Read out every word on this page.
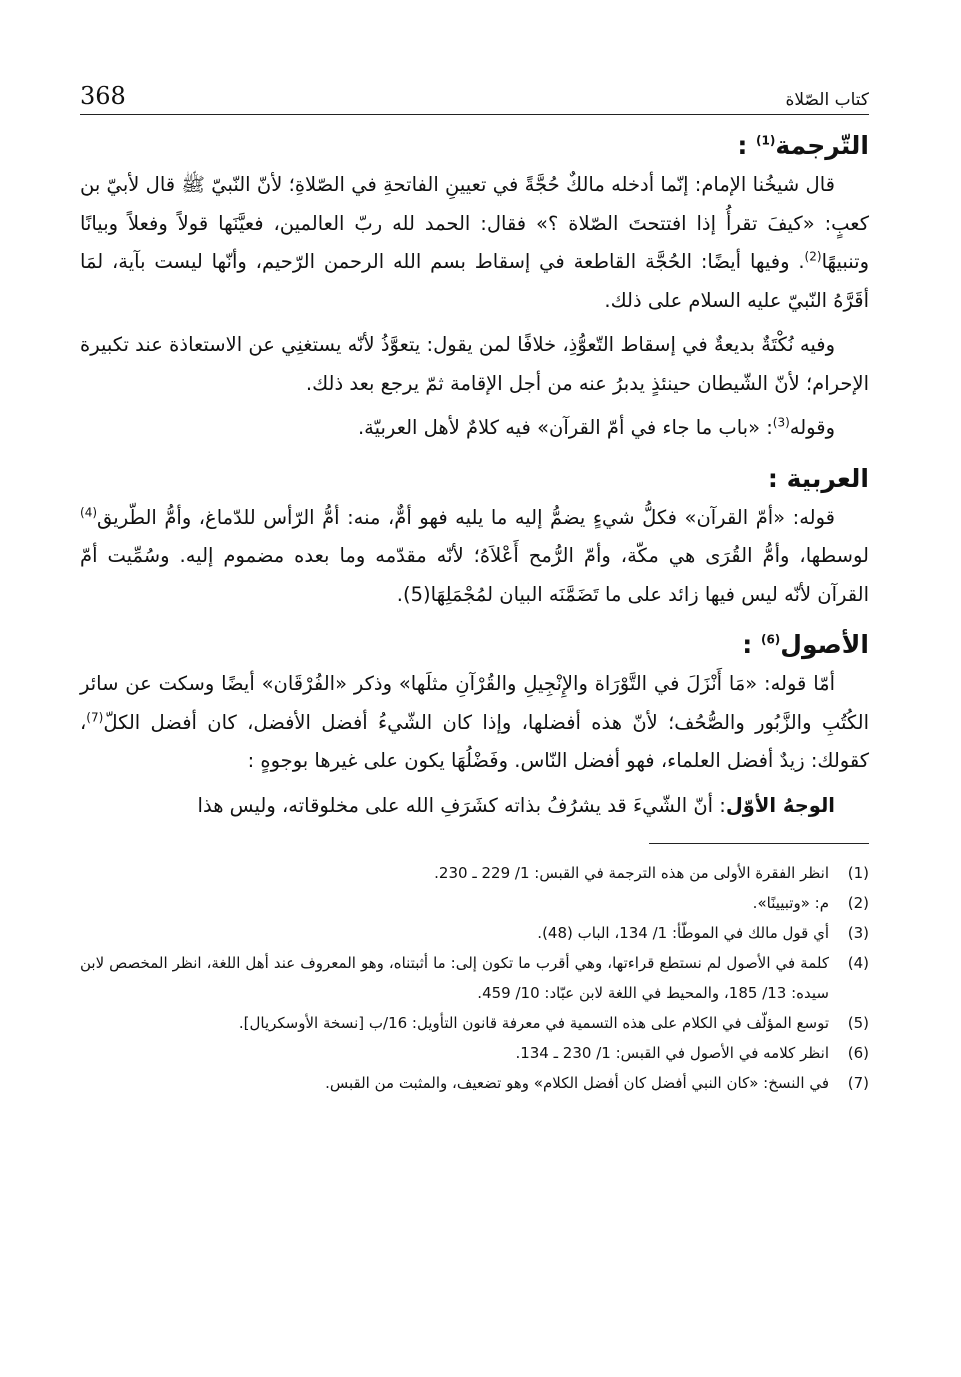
368	كتاب الصّلاة
التّرجمة$^{(1)}$ :

قال شيخُنا الإمام: إنّما أدخله مالكٌ حُجَّةً في تعيينِ الفاتحةِ في الصّلاةِ؛ لأنّ النّبيّ ﷺ قال لأبيّ بن كعبٍ: «كيفَ تقرأُ إذا افتتحتَ الصّلاة ؟» فقال: الحمد لله ربّ العالمين، فعيَّنَها قولاً وفعلاً وبيانًا وتنبيهًا$^{(2)}$. وفيها أيضًا: الحُجَّة القاطعة في إسقاط بسم الله الرحمن الرّحيم، وأنّها ليست بآية، لمَا أقَرَّهُ النّبيّ عليه السلام على ذلك.

وفيه نُكْتَةٌ بديعةٌ في إسقاط التّعوُّذِ، خلافًا لمن يقول: يتعوَّذُ لأنّه يستغنِي عن الاستعاذة عند تكبيرة الإحرام؛ لأنّ الشّيطان حينئذٍ يدبرُ عنه من أجل الإقامة ثمّ يرجع بعد ذلك.

وقوله$^{(3)}$: «باب ما جاء في أمّ القرآن» فيه كلامٌ لأهل العربيّة.

العربية :

قوله: «أمّ القرآن» فكلُّ شيءٍ يضمُّ إليه ما يليه فهو أمٌّ، منه: أمُّ الرّأس للدّماغ، وأمُّ الطّريق$^{(4)}$ لوسطها، وأمُّ القُرَى هي مكّة، وأمّ الرُّمح أَعْلاَهُ؛ لأنّه مقدّمه وما بعده مضموم إليه. وسُمِّيت أمّ القرآن لأنّه ليس فيها زائد على ما تَضَمَّنَه البيان لمُجْمَلِهَا(5).

الأصول$^{(6)}$ :

أمّا قوله: «مَا أَنْزَلَ في التَّوْرَاة والإِنْجِيلِ والقُرْآنِ مثلَها» وذكر «الفُرْقَان» أيضًا وسكت عن سائر الكُتُبِ والزَّبُور والصُّحُف؛ لأنّ هذه أفضلها، وإذا كان الشّيءُ أفضل الأفضل، كان أفضل الكلّ$^{(7)}$، كقولك: زيدٌ أفضل العلماء، فهو أفضل النّاس. وفَضْلُهَا يكون على غيرها بوجوهٍ :

الوجهُ الأوّل: أنّ الشّيءَ قد يشرُفُ بذاته كشَرَفِ الله على مخلوقاته، وليس هذا

(1)
انظر الفقرة الأولى من هذه الترجمة في القبس: 1/ 229 ـ 230.
(2)
م: «وتبيينًا».
(3)
أي قول مالك في الموطّأ: 1/ 134، الباب (48).
(4)
كلمة في الأصول لم نستطع قراءتها، وهي أقرب ما تكون إلى: ما أثبتناه، وهو المعروف عند أهل اللغة، انظر المخصص لابن سيده: 13/ 185، والمحيط في اللغة لابن عبّاد: 10/ 459.
(5)
توسع المؤلّف في الكلام على هذه التسمية في معرفة قانون التأويل: 16/ب [نسخة الأوسكريال].
(6)
انظر كلامه في الأصول في القبس: 1/ 230 ـ 134.
(7)
في النسخ: «كان النبي أفضل كان أفضل الكلام» وهو تضعيف، والمثبت من القبس.
